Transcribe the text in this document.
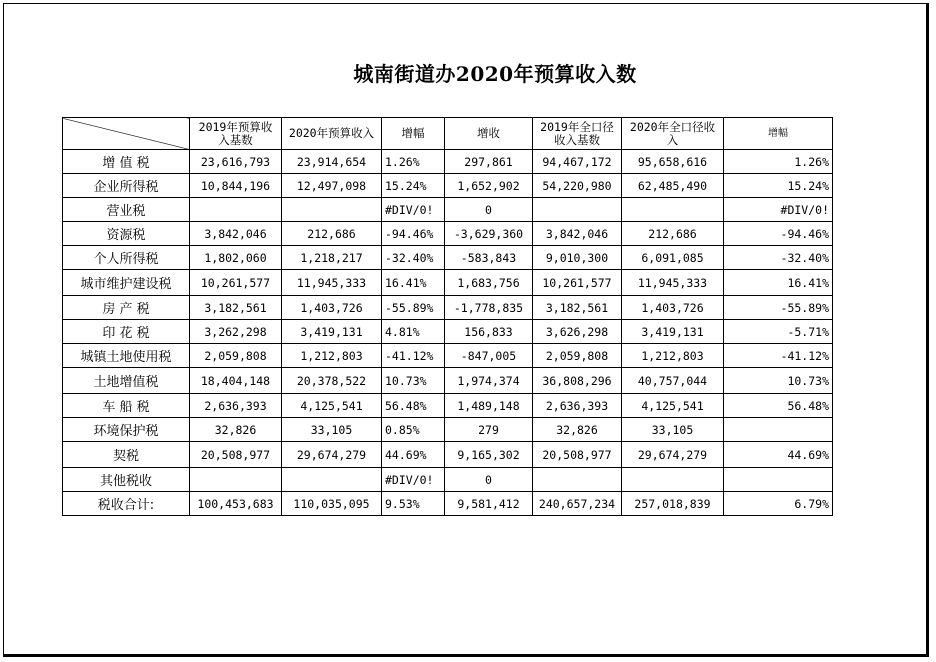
城南街道办2020年预算收入数
	2019年预算收入基数	2020年预算收入	增幅	增收	2019年全口径收入基数	2020年全口径收入	增幅
增 值 税	23,616,793	23,914,654	1.26%	297,861	94,467,172	95,658,616	1.26%
企业所得税	10,844,196	12,497,098	15.24%	1,652,902	54,220,980	62,485,490	15.24%
营业税			#DIV/0!	0			#DIV/0!
资源税	3,842,046	212,686	-94.46%	-3,629,360	3,842,046	212,686	-94.46%
个人所得税	1,802,060	1,218,217	-32.40%	-583,843	9,010,300	6,091,085	-32.40%
城市维护建设税	10,261,577	11,945,333	16.41%	1,683,756	10,261,577	11,945,333	16.41%
房 产 税	3,182,561	1,403,726	-55.89%	-1,778,835	3,182,561	1,403,726	-55.89%
印 花 税	3,262,298	3,419,131	4.81%	156,833	3,626,298	3,419,131	-5.71%
城镇土地使用税	2,059,808	1,212,803	-41.12%	-847,005	2,059,808	1,212,803	-41.12%
土地增值税	18,404,148	20,378,522	10.73%	1,974,374	36,808,296	40,757,044	10.73%
车 船 税	2,636,393	4,125,541	56.48%	1,489,148	2,636,393	4,125,541	56.48%
环境保护税	32,826	33,105	0.85%	279	32,826	33,105	
契税	20,508,977	29,674,279	44.69%	9,165,302	20,508,977	29,674,279	44.69%
其他税收			#DIV/0!	0			
税收合计:	100,453,683	110,035,095	9.53%	9,581,412	240,657,234	257,018,839	6.79%
